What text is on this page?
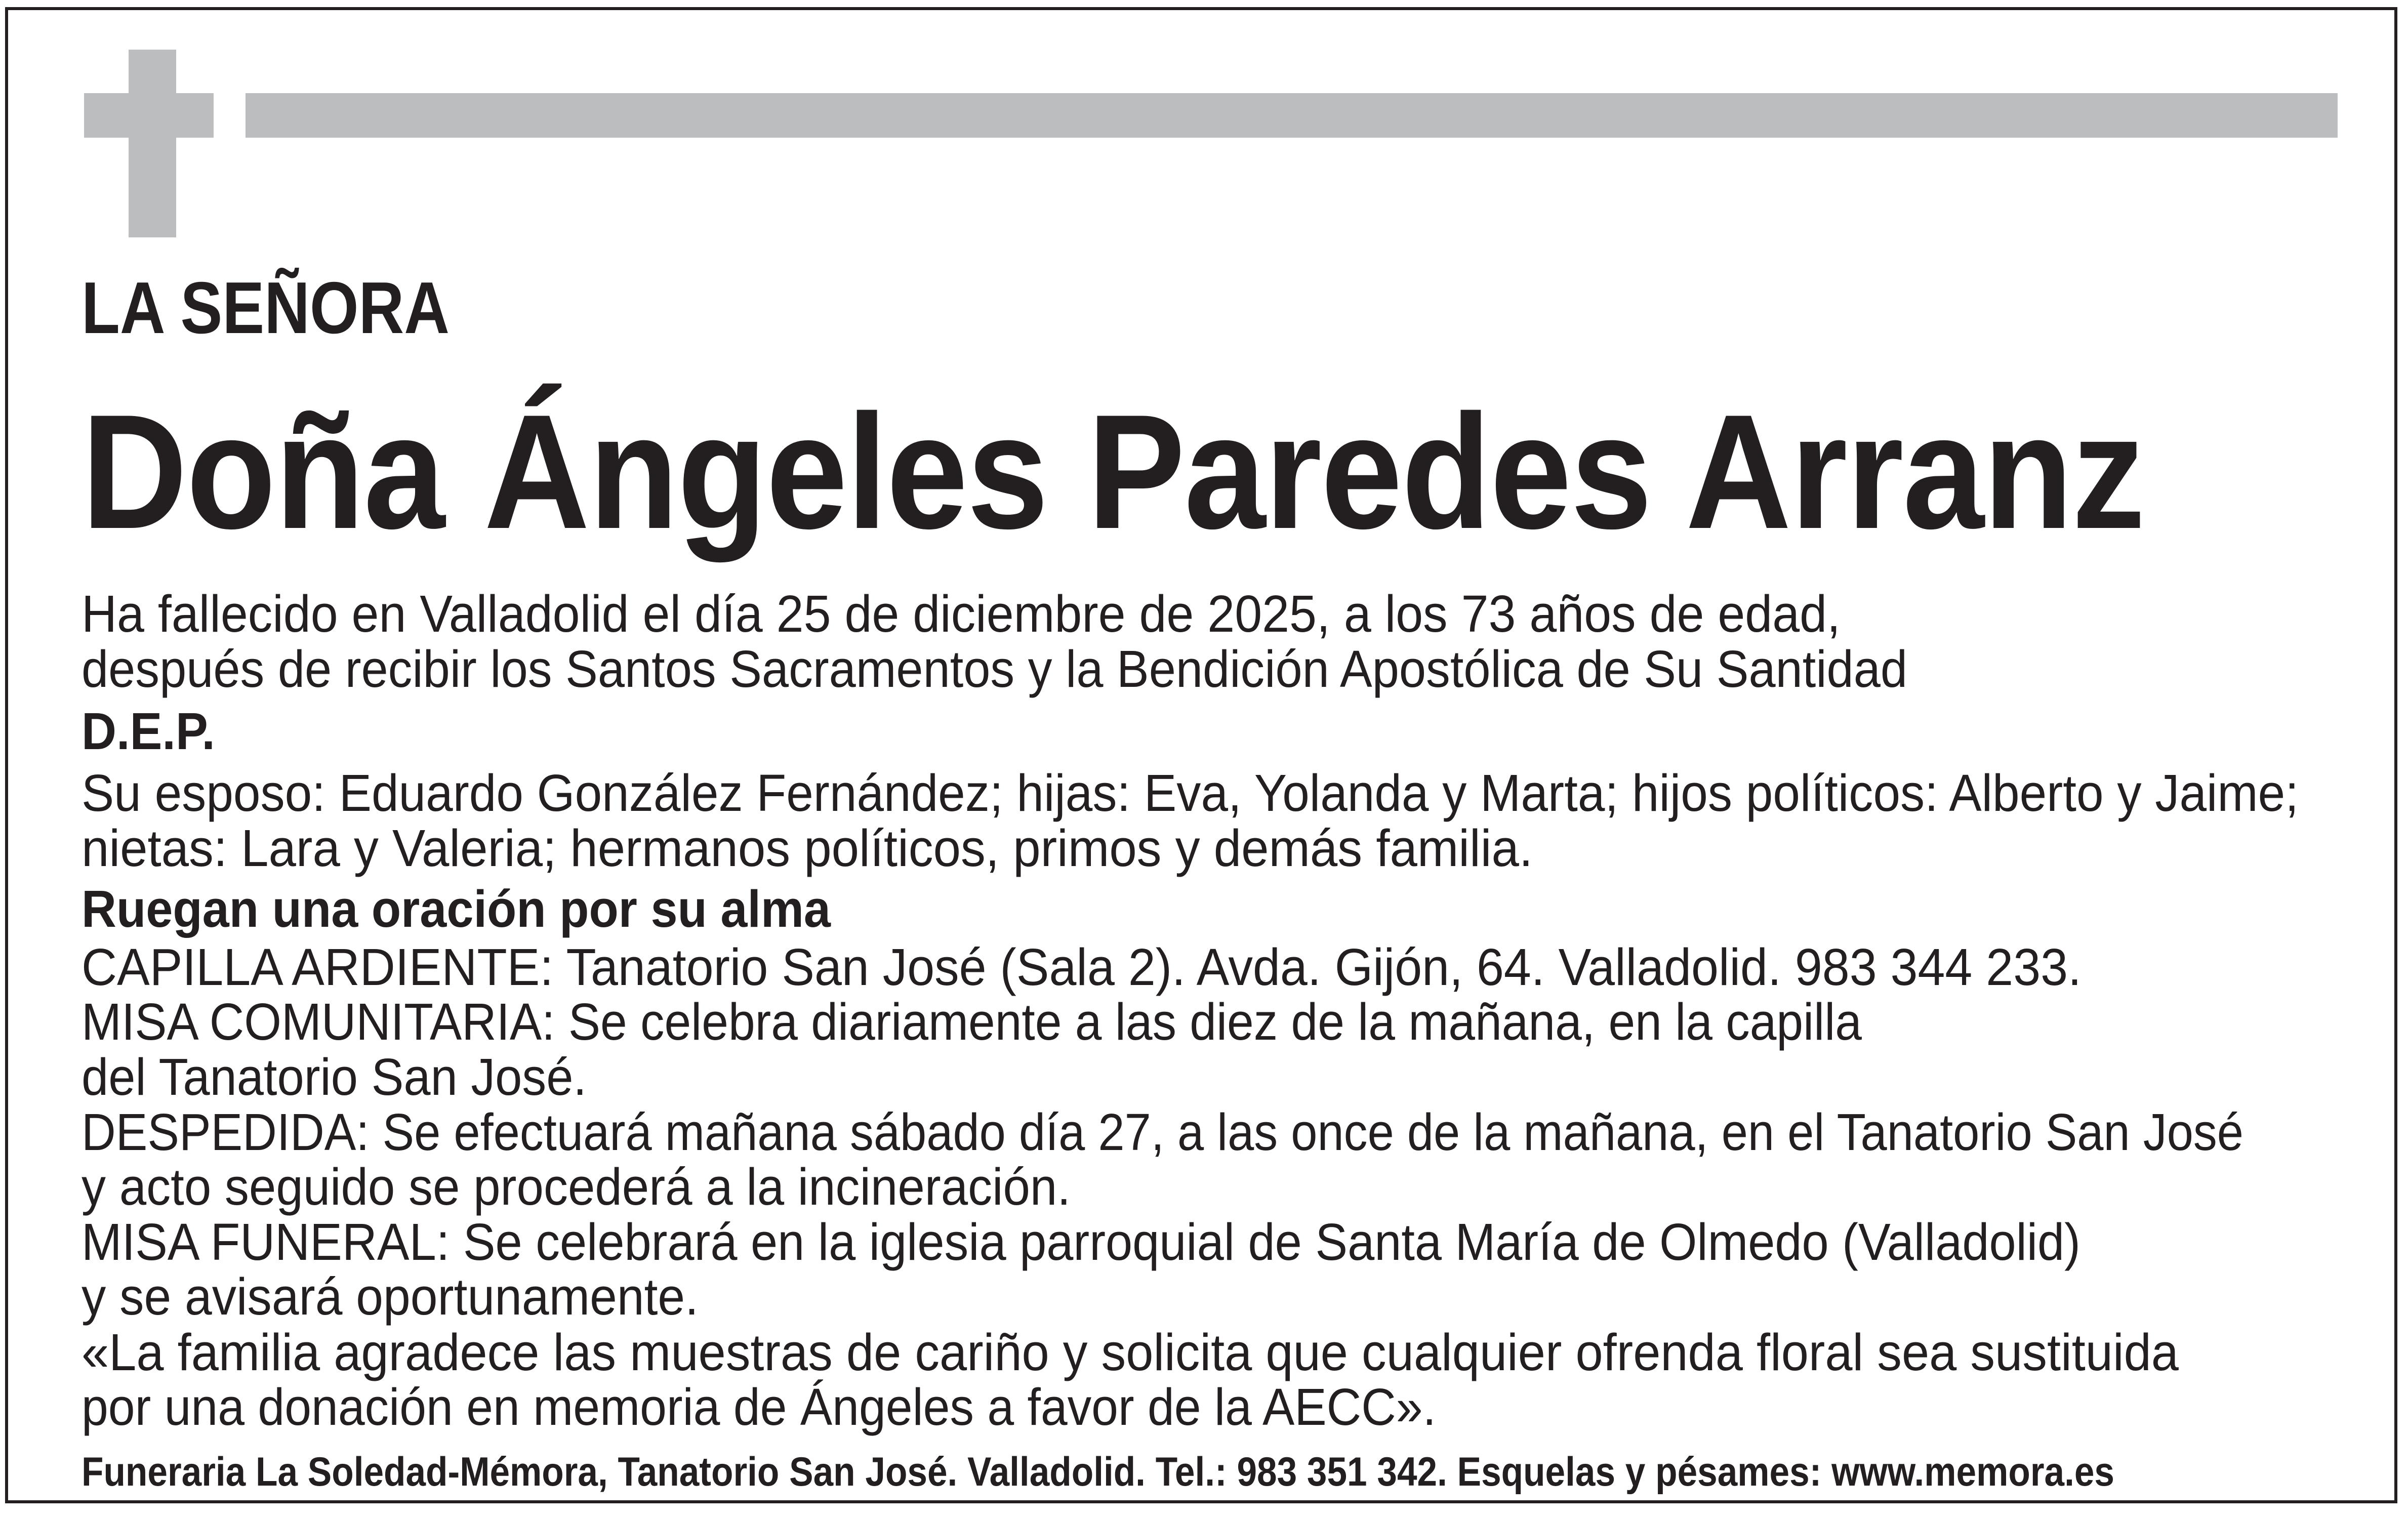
LA SEÑORA
Doña Ángeles Paredes Arranz
Ha fallecido en Valladolid el día 25 de diciembre de 2025, a los 73 años de edad,
después de recibir los Santos Sacramentos y la Bendición Apostólica de Su Santidad
D.E.P.
Su esposo: Eduardo González Fernández; hijas: Eva, Yolanda y Marta; hijos políticos: Alberto y Jaime;
nietas: Lara y Valeria; hermanos políticos, primos y demás familia.
Ruegan una oración por su alma
CAPILLA ARDIENTE: Tanatorio San José (Sala 2). Avda. Gijón, 64. Valladolid. 983 344 233.
MISA COMUNITARIA: Se celebra diariamente a las diez de la mañana, en la capilla
del Tanatorio San José.
DESPEDIDA: Se efectuará mañana sábado día 27, a las once de la mañana, en el Tanatorio San José
y acto seguido se procederá a la incineración.
MISA FUNERAL: Se celebrará en la iglesia parroquial de Santa María de Olmedo (Valladolid)
y se avisará oportunamente.
«La familia agradece las muestras de cariño y solicita que cualquier ofrenda floral sea sustituida
por una donación en memoria de Ángeles a favor de la AECC».
Funeraria La Soledad-Mémora, Tanatorio San José. Valladolid. Tel.: 983 351 342. Esquelas y pésames: www.memora.es
